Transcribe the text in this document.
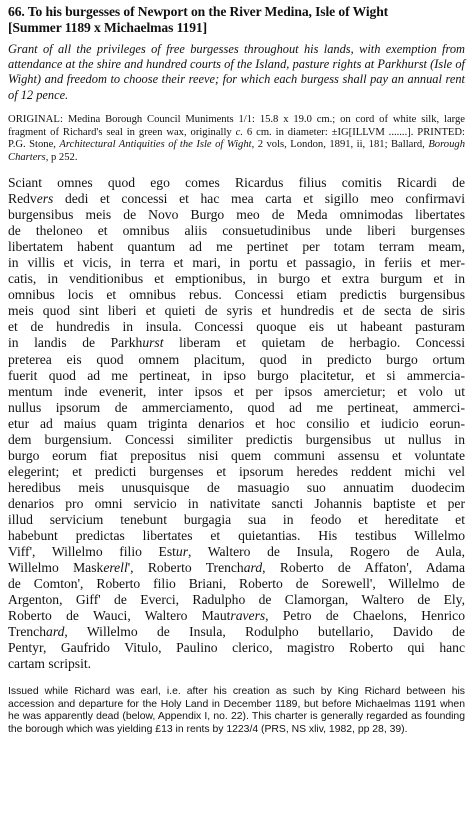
66. To his burgesses of Newport on the River Medina, Isle of Wight
[Summer 1189 x Michaelmas 1191]

Grant of all the privileges of free burgesses throughout his lands, with exemption from attendance at the shire and hundred courts of the Island, pasture rights at Parkhurst (Isle of Wight) and freedom to choose their reeve; for which each burgess shall pay an annual rent of 12 pence.

ORIGINAL: Medina Borough Council Muniments 1/1: 15.8 x 19.0 cm.; on cord of white silk, large fragment of Richard's seal in green wax, originally c. 6 cm. in diameter: ±IG[ILLVM .......]. PRINTED: P.G. Stone, Architectural Antiquities of the Isle of Wight, 2 vols, London, 1891, ii, 181; Ballard, Borough Charters, p 252.

Sciant omnes quod ego comes Ricardus filius comitis Ricardi de
Redvers dedi et concessi et hac mea carta et sigillo meo confirmavi
burgensibus meis de Novo Burgo meo de Meda omnimodas libertates
de theloneo et omnibus aliis consuetudinibus unde liberi burgenses
libertatem habent quantum ad me pertinet per totam terram meam,
in villis et vicis, in terra et mari, in portu et passagio, in feriis et mer-
catis, in venditionibus et emptionibus, in burgo et extra burgum et in
omnibus locis et omnibus rebus. Concessi etiam predictis burgensibus
meis quod sint liberi et quieti de syris et hundredis et de secta de siris
et de hundredis in insula. Concessi quoque eis ut habeant pasturam
in landis de Parkhurst liberam et quietam de herbagio. Concessi
preterea eis quod omnem placitum, quod in predicto burgo ortum
fuerit quod ad me pertineat, in ipso burgo placitetur, et si ammercia-
mentum inde evenerit, inter ipsos et per ipsos amercietur; et volo ut
nullus ipsorum de ammerciamento, quod ad me pertineat, ammerci-
etur ad maius quam triginta denarios et hoc consilio et iudicio eorun-
dem burgensium. Concessi similiter predictis burgensibus ut nullus in
burgo eorum fiat prepositus nisi quem communi assensu et voluntate
elegerint; et predicti burgenses et ipsorum heredes reddent michi vel
heredibus meis unusquisque de masuagio suo annuatim duodecim
denarios pro omni servicio in nativitate sancti Johannis baptiste et per
illud servicium tenebunt burgagia sua in feodo et hereditate et
habebunt predictas libertates et quietantias. His testibus Willelmo
Viff', Willelmo filio Estur, Waltero de Insula, Rogero de Aula,
Willelmo Maskerell', Roberto Trenchard, Roberto de Affaton', Adama
de Comton', Roberto filio Briani, Roberto de Sorewell', Willelmo de
Argenton, Giff' de Everci, Radulpho de Clamorgan, Waltero de Ely,
Roberto de Wauci, Waltero Mautravers, Petro de Chaelons, Henrico
Trenchard, Willelmo de Insula, Rodulpho butellario, Davido de
Pentyr, Gaufrido Vitulo, Paulino clerico, magistro Roberto qui hanc
cartam scripsit.

Issued while Richard was earl, i.e. after his creation as such by King Richard between his accession and departure for the Holy Land in December 1189, but before Michaelmas 1191 when he was apparently dead (below, Appendix I, no. 22). This charter is generally regarded as founding the borough which was yielding £13 in rents by 1223/4 (PRS, NS xliv, 1982, pp 28, 39).
